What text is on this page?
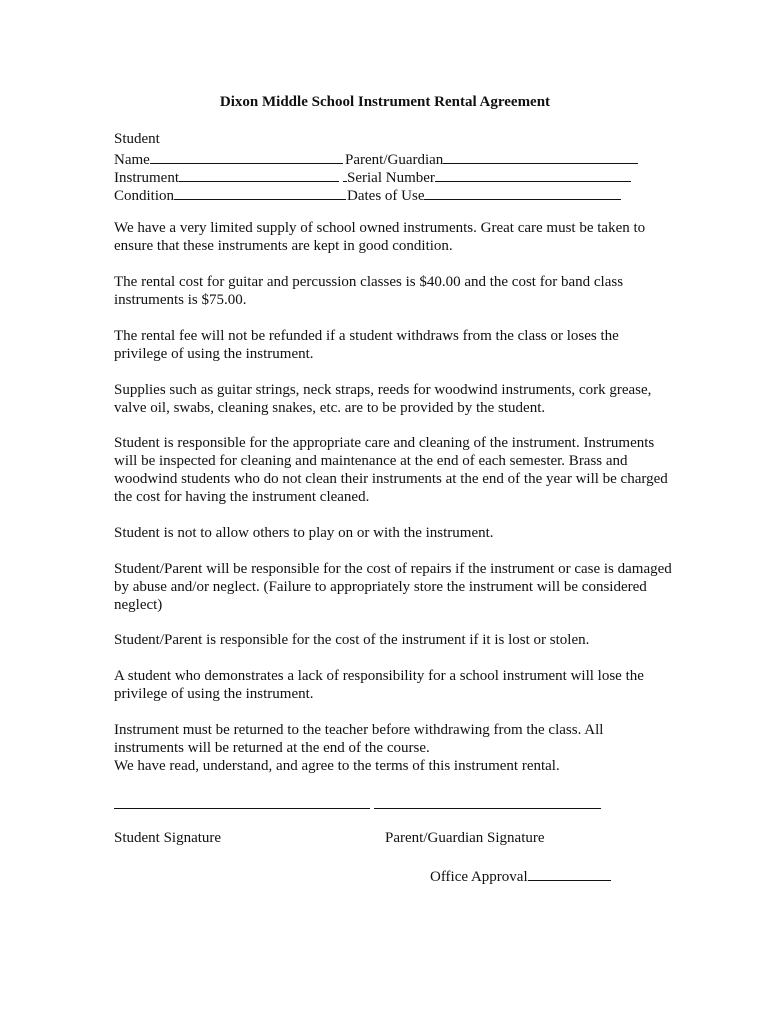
Dixon Middle School Instrument Rental Agreement
Student
Name	Parent/Guardian
Instrument	Serial Number
Condition	Dates of Use
We have a very limited supply of school owned instruments. Great care must be taken to ensure that these instruments are kept in good condition.
The rental cost for guitar and percussion classes is $40.00 and the cost for band class instruments is $75.00.
The rental fee will not be refunded if a student withdraws from the class or loses the privilege of using the instrument.
Supplies such as guitar strings, neck straps, reeds for woodwind instruments, cork grease, valve oil, swabs, cleaning snakes, etc. are to be provided by the student.
Student is responsible for the appropriate care and cleaning of the instrument. Instruments will be inspected for cleaning and maintenance at the end of each semester. Brass and woodwind students who do not clean their instruments at the end of the year will be charged the cost for having the instrument cleaned.
Student is not to allow others to play on or with the instrument.
Student/Parent will be responsible for the cost of repairs if the instrument or case is damaged by abuse and/or neglect. (Failure to appropriately store the instrument will be considered neglect)
Student/Parent is responsible for the cost of the instrument if it is lost or stolen.
A student who demonstrates a lack of responsibility for a school instrument will lose the privilege of using the instrument.
Instrument must be returned to the teacher before withdrawing from the class. All instruments will be returned at the end of the course.
We have read, understand, and agree to the terms of this instrument rental.
Student Signature	Parent/Guardian Signature
Office Approval
